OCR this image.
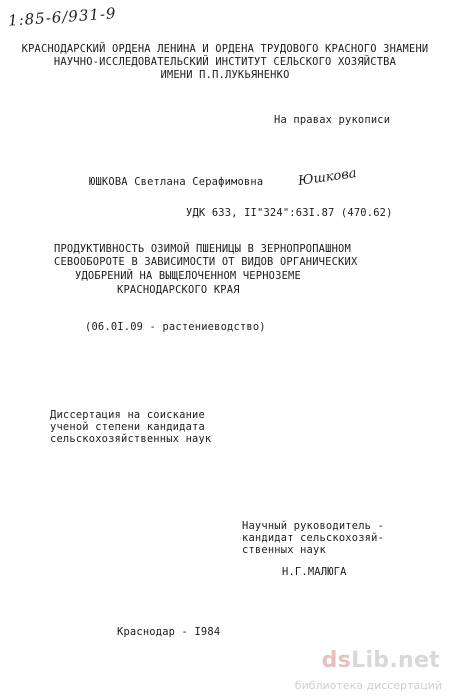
1:85-6/931-9
КРАСНОДАРСКИЙ ОРДЕНА ЛЕНИНА И ОРДЕНА ТРУДОВОГО КРАСНОГО ЗНАМЕНИ
НАУЧНО-ИССЛЕДОВАТЕЛЬСКИЙ ИНСТИТУТ СЕЛЬСКОГО ХОЗЯЙСТВА
ИМЕНИ П.П.ЛУКЬЯНЕНКО
На правах рукописи
ЮШКОВА Светлана Серафимовна	Юшкова
УДК 633, II"324":63I.87 (470.62)
ПРОДУКТИВНОСТЬ ОЗИМОЙ ПШЕНИЦЫ В ЗЕРНОПРОПАШНОМ
СЕВООБОРОТЕ В ЗАВИСИМОСТИ ОТ ВИДОВ ОРГАНИЧЕСКИХ
УДОБРЕНИЙ НА ВЫЩЕЛОЧЕННОМ ЧЕРНОЗЕМЕ
КРАСНОДАРСКОГО КРАЯ
(06.0I.09 - растениеводство)
Диссертация на соискание
ученой степени кандидата
сельскохозяйственных наук
Научный руководитель -
кандидат сельскохозяй-
ственных наук
Н.Г.МАЛЮГА
Краснодар - I984
dsLib.net
библиотека диссертаций
